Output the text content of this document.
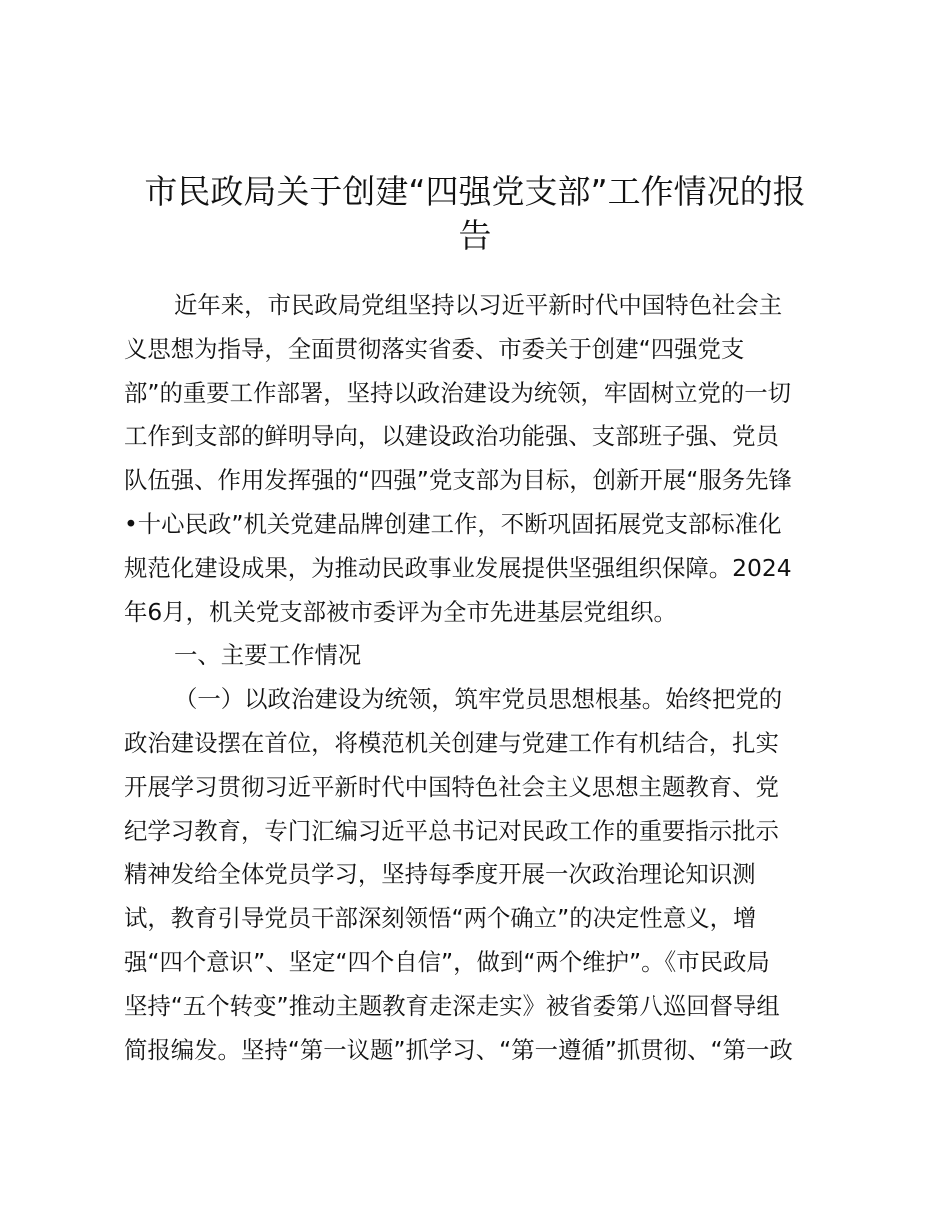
市民政局关于创建“四强党支部”工作情况的报
告
近年来，市民政局党组坚持以习近平新时代中国特色社会主
义思想为指导，全面贯彻落实省委、市委关于创建“四强党支
部”的重要工作部署，坚持以政治建设为统领，牢固树立党的一切
工作到支部的鲜明导向，以建设政治功能强、支部班子强、党员
队伍强、作用发挥强的“四强”党支部为目标，创新开展“服务先锋
•十心民政”机关党建品牌创建工作，不断巩固拓展党支部标准化
规范化建设成果，为推动民政事业发展提供坚强组织保障。2024
年6月，机关党支部被市委评为全市先进基层党组织。
一、主要工作情况
（一）以政治建设为统领，筑牢党员思想根基。始终把党的
政治建设摆在首位，将模范机关创建与党建工作有机结合，扎实
开展学习贯彻习近平新时代中国特色社会主义思想主题教育、党
纪学习教育，专门汇编习近平总书记对民政工作的重要指示批示
精神发给全体党员学习，坚持每季度开展一次政治理论知识测
试，教育引导党员干部深刻领悟“两个确立”的决定性意义，增
强“四个意识”、坚定“四个自信”，做到“两个维护”。《市民政局
坚持“五个转变”推动主题教育走深走实》被省委第八巡回督导组
简报编发。坚持“第一议题”抓学习、“第一遵循”抓贯彻、“第一政
